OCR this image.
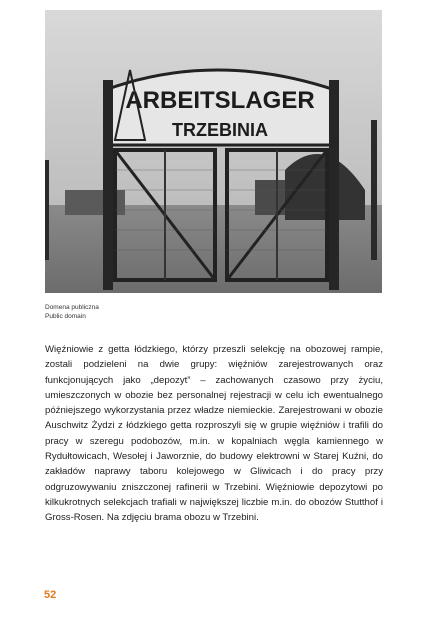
ARBEITSLAGER
TRZEBINIA
Domena publiczna
Public domain
Więźniowie z getta łódzkiego, którzy przeszli selekcję na obozowej rampie, zostali podzieleni na dwie grupy: więźniów zarejestrowanych oraz funkcjonujących jako „depozyt” – zachowanych czasowo przy życiu, umieszczonych w obozie bez personalnej rejestracji w celu ich ewentualnego późniejszego wykorzystania przez władze niemieckie. Zarejestrowani w obozie Auschwitz Żydzi z łódzkiego getta rozproszyli się w grupie więźniów i trafili do pracy w szeregu podobozów, m.in. w kopalniach węgla kamiennego w Rydułtowicach, Wesołej i Jaworznie, do budowy elektrowni w Starej Kuźni, do zakładów naprawy taboru kolejowego w Gliwicach i do pracy przy odgruzowywaniu zniszczonej rafinerii w Trzebini. Więźniowie depozytowi po kilkukrotnych selekcjach trafiali w największej liczbie m.in. do obozów Stutthof i Gross-Rosen. Na zdjęciu brama obozu w Trzebini.
52
